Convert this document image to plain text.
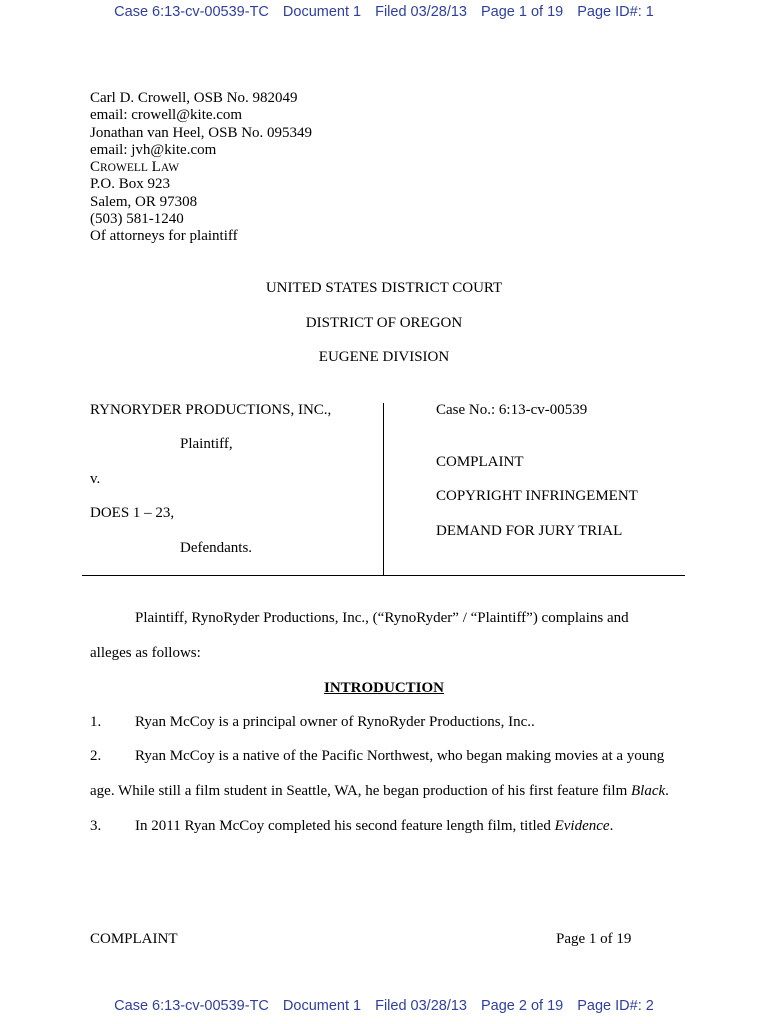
Case 6:13-cv-00539-TC Document 1 Filed 03/28/13 Page 1 of 19 Page ID#: 1
Carl D. Crowell, OSB No. 982049
email: crowell@kite.com
Jonathan van Heel, OSB No. 095349
email: jvh@kite.com
CROWELL LAW
P.O. Box 923
Salem, OR 97308
(503) 581-1240
Of attorneys for plaintiff
UNITED STATES DISTRICT COURT
DISTRICT OF OREGON
EUGENE DIVISION
RYNORYDER PRODUCTIONS, INC.,
Plaintiff,
v.
DOES 1 – 23,
Defendants.
Case No.: 6:13-cv-00539
COMPLAINT
COPYRIGHT INFRINGEMENT
DEMAND FOR JURY TRIAL
Plaintiff, RynoRyder Productions, Inc., (“RynoRyder” / “Plaintiff”) complains and
alleges as follows:
INTRODUCTION
1. Ryan McCoy is a principal owner of RynoRyder Productions, Inc..
2. Ryan McCoy is a native of the Pacific Northwest, who began making movies at a young
age. While still a film student in Seattle, WA, he began production of his first feature film Black.
3. In 2011 Ryan McCoy completed his second feature length film, titled Evidence.
COMPLAINT	Page 1 of 19
Case 6:13-cv-00539-TC Document 1 Filed 03/28/13 Page 2 of 19 Page ID#: 2
